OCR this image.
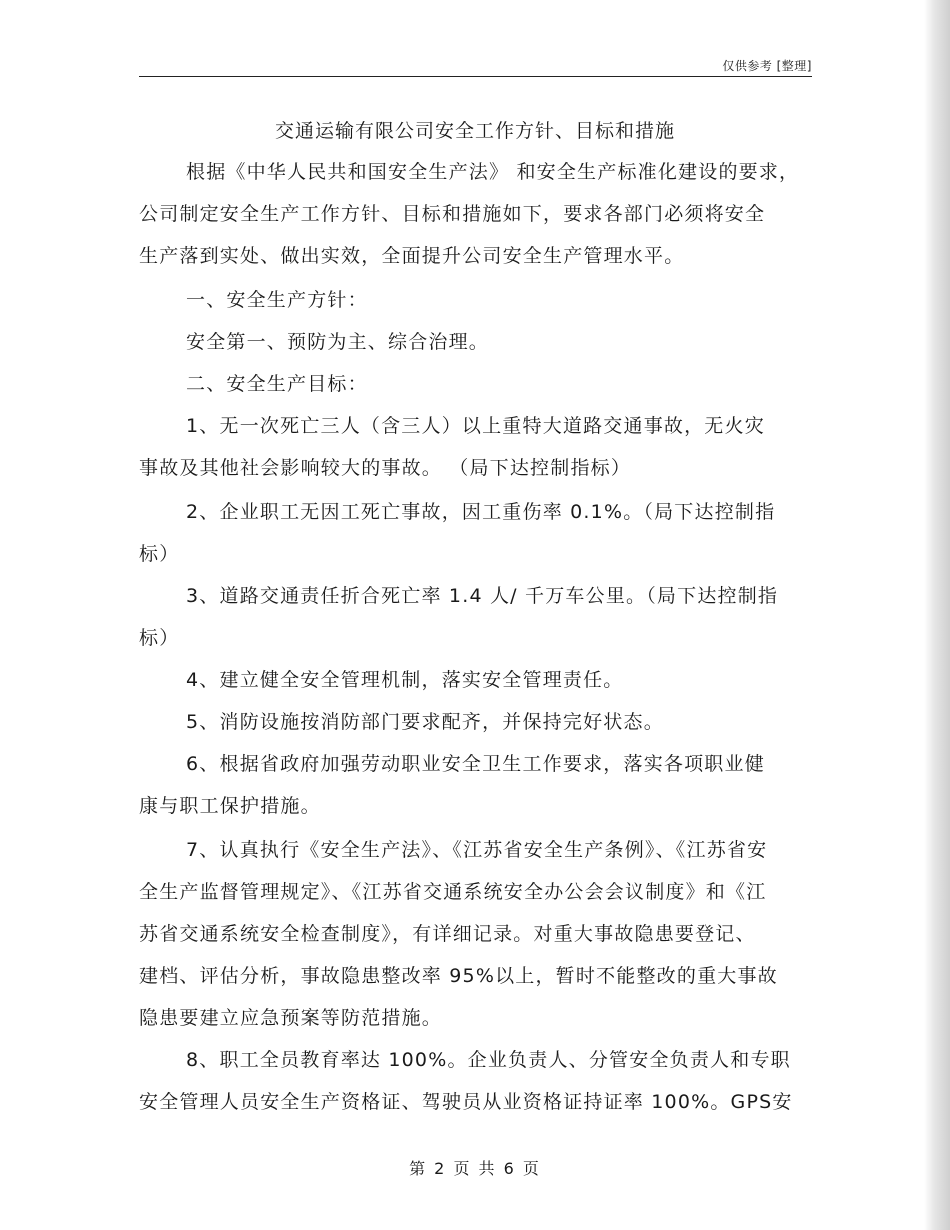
仅供参考 [整理]
交通运输有限公司安全工作方针、目标和措施
根据《中华人民共和国安全生产法》 和安全生产标准化建设的要求，
公司制定安全生产工作方针、目标和措施如下，要求各部门必须将安全
生产落到实处、做出实效，全面提升公司安全生产管理水平。
一、安全生产方针：
安全第一、预防为主、综合治理。
二、安全生产目标：
1、无一次死亡三人（含三人）以上重特大道路交通事故，无火灾
事故及其他社会影响较大的事故。 （局下达控制指标）
2、企业职工无因工死亡事故，因工重伤率 0.1%。（局下达控制指
标）
3、道路交通责任折合死亡率 1.4 人/ 千万车公里。（局下达控制指
标）
4、建立健全安全管理机制，落实安全管理责任。
5、消防设施按消防部门要求配齐，并保持完好状态。
6、根据省政府加强劳动职业安全卫生工作要求，落实各项职业健
康与职工保护措施。
7、认真执行《安全生产法》、《江苏省安全生产条例》、《江苏省安
全生产监督管理规定》、《江苏省交通系统安全办公会会议制度》和《江
苏省交通系统安全检查制度》，有详细记录。对重大事故隐患要登记、
建档、评估分析，事故隐患整改率 95%以上，暂时不能整改的重大事故
隐患要建立应急预案等防范措施。
8、职工全员教育率达 100%。企业负责人、分管安全负责人和专职
安全管理人员安全生产资格证、驾驶员从业资格证持证率 100%。GPS安
第 2 页 共 6 页
